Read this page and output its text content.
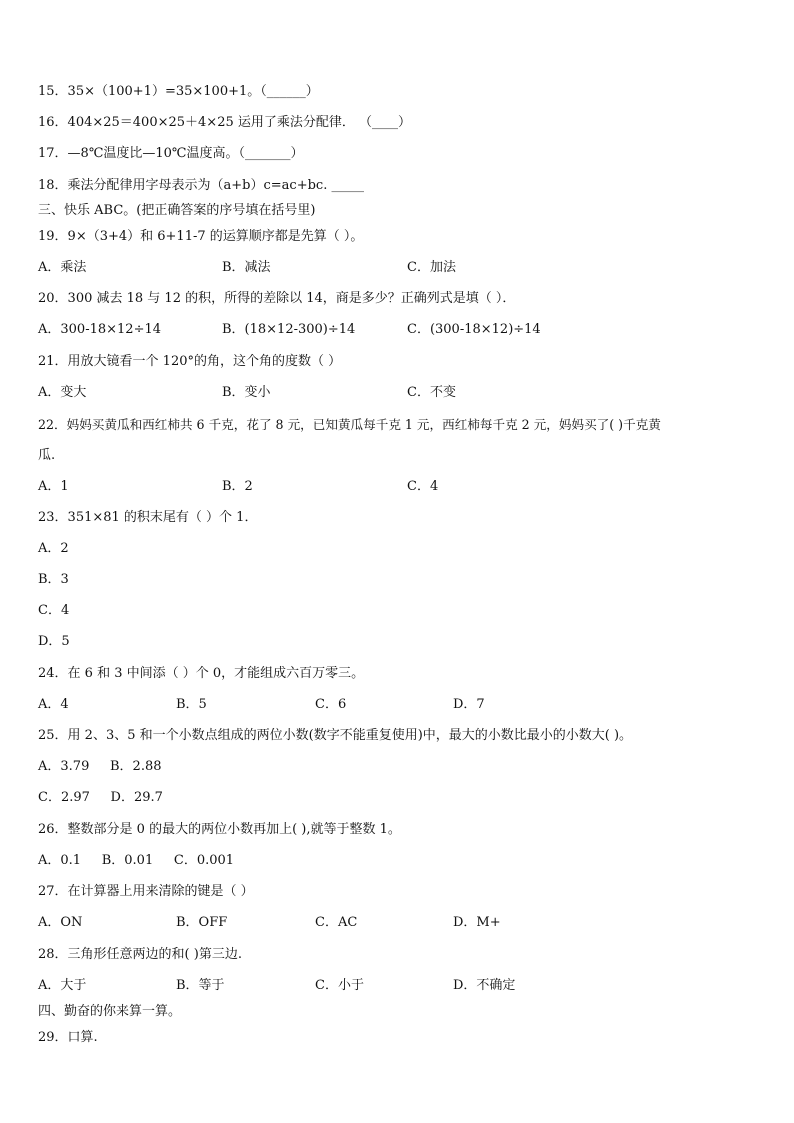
15．35×（100+1）=35×100+1。（______）
16．404×25＝400×25＋4×25 运用了乘法分配律． （____）
17．—8℃温度比—10℃温度高。（_______）
18．乘法分配律用字母表示为（a+b）c=ac+bc. _____
三、快乐 ABC。(把正确答案的序号填在括号里)
19．9×（3+4）和 6+11-7 的运算顺序都是先算（ ）。
A．乘法	B．减法	C．加法
20．300 减去 18 与 12 的积，所得的差除以 14，商是多少？正确列式是填（ ）．
A．300-18×12÷14	B．(18×12-300)÷14	C．(300-18×12)÷14
21．用放大镜看一个 120°的角，这个角的度数（ ）
A．变大	B．变小	C．不变
22．妈妈买黄瓜和西红柿共 6 千克，花了 8 元，已知黄瓜每千克 1 元，西红柿每千克 2 元，妈妈买了( )千克黄
瓜.
A．1	B．2	C．4
23．351×81 的积末尾有（ ）个 1．
A．2
B．3
C．4
D．5
24．在 6 和 3 中间添（ ）个 0，才能组成六百万零三。
A．4	B．5	C．6	D．7
25．用 2、3、5 和一个小数点组成的两位小数(数字不能重复使用)中，最大的小数比最小的小数大( )。
A．3.79     B．2.88
C．2.97     D．29.7
26．整数部分是 0 的最大的两位小数再加上( ),就等于整数 1。
A．0.1     B．0.01     C．0.001
27．在计算器上用来清除的键是（ ）
A．ON	B．OFF	C．AC	D．M+
28．三角形任意两边的和( )第三边.
A．大于	B．等于	C．小于	D．不确定
四、勤奋的你来算一算。
29．口算.
